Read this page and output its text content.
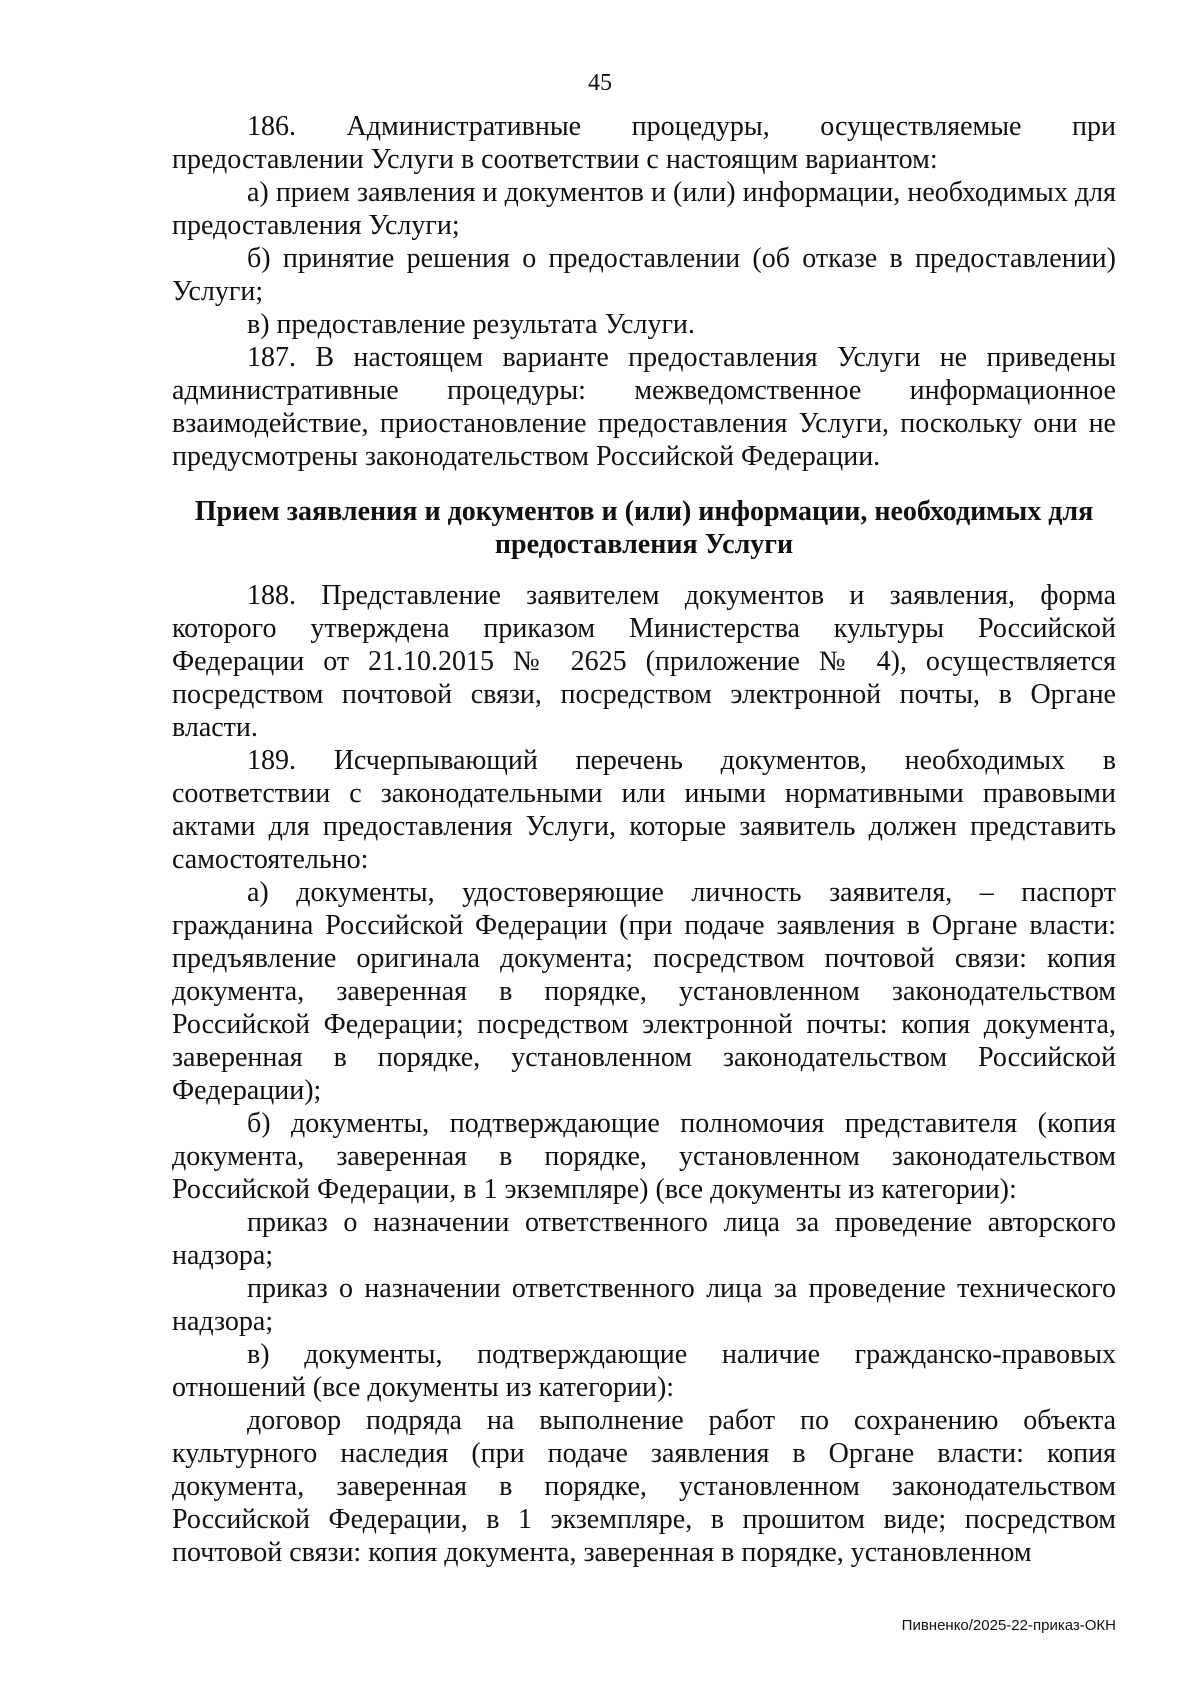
45

186. Административные процедуры, осуществляемые при предоставлении Услуги в соответствии с настоящим вариантом:

а) прием заявления и документов и (или) информации, необходимых для предоставления Услуги;

б) принятие решения о предоставлении (об отказе в предоставлении) Услуги;

в) предоставление результата Услуги.

187. В настоящем варианте предоставления Услуги не приведены административные процедуры: межведомственное информационное взаимодействие, приостановление предоставления Услуги, поскольку они не предусмотрены законодательством Российской Федерации.

Прием заявления и документов и (или) информации, необходимых для предоставления Услуги

188. Представление заявителем документов и заявления, форма которого утверждена приказом Министерства культуры Российской Федерации от 21.10.2015 № 2625 (приложение № 4), осуществляется посредством почтовой связи, посредством электронной почты, в Органе власти.

189. Исчерпывающий перечень документов, необходимых в соответствии с законодательными или иными нормативными правовыми актами для предоставления Услуги, которые заявитель должен представить самостоятельно:

а) документы, удостоверяющие личность заявителя, – паспорт гражданина Российской Федерации (при подаче заявления в Органе власти: предъявление оригинала документа; посредством почтовой связи: копия документа, заверенная в порядке, установленном законодательством Российской Федерации; посредством электронной почты: копия документа, заверенная в порядке, установленном законодательством Российской Федерации);

б) документы, подтверждающие полномочия представителя (копия документа, заверенная в порядке, установленном законодательством Российской Федерации, в 1 экземпляре) (все документы из категории):

приказ о назначении ответственного лица за проведение авторского надзора;

приказ о назначении ответственного лица за проведение технического надзора;

в) документы, подтверждающие наличие гражданско-правовых отношений (все документы из категории):

договор подряда на выполнение работ по сохранению объекта культурного наследия (при подаче заявления в Органе власти: копия документа, заверенная в порядке, установленном законодательством Российской Федерации, в 1 экземпляре, в прошитом виде; посредством почтовой связи: копия документа, заверенная в порядке, установленном

Пивненко/2025-22-приказ-ОКН
